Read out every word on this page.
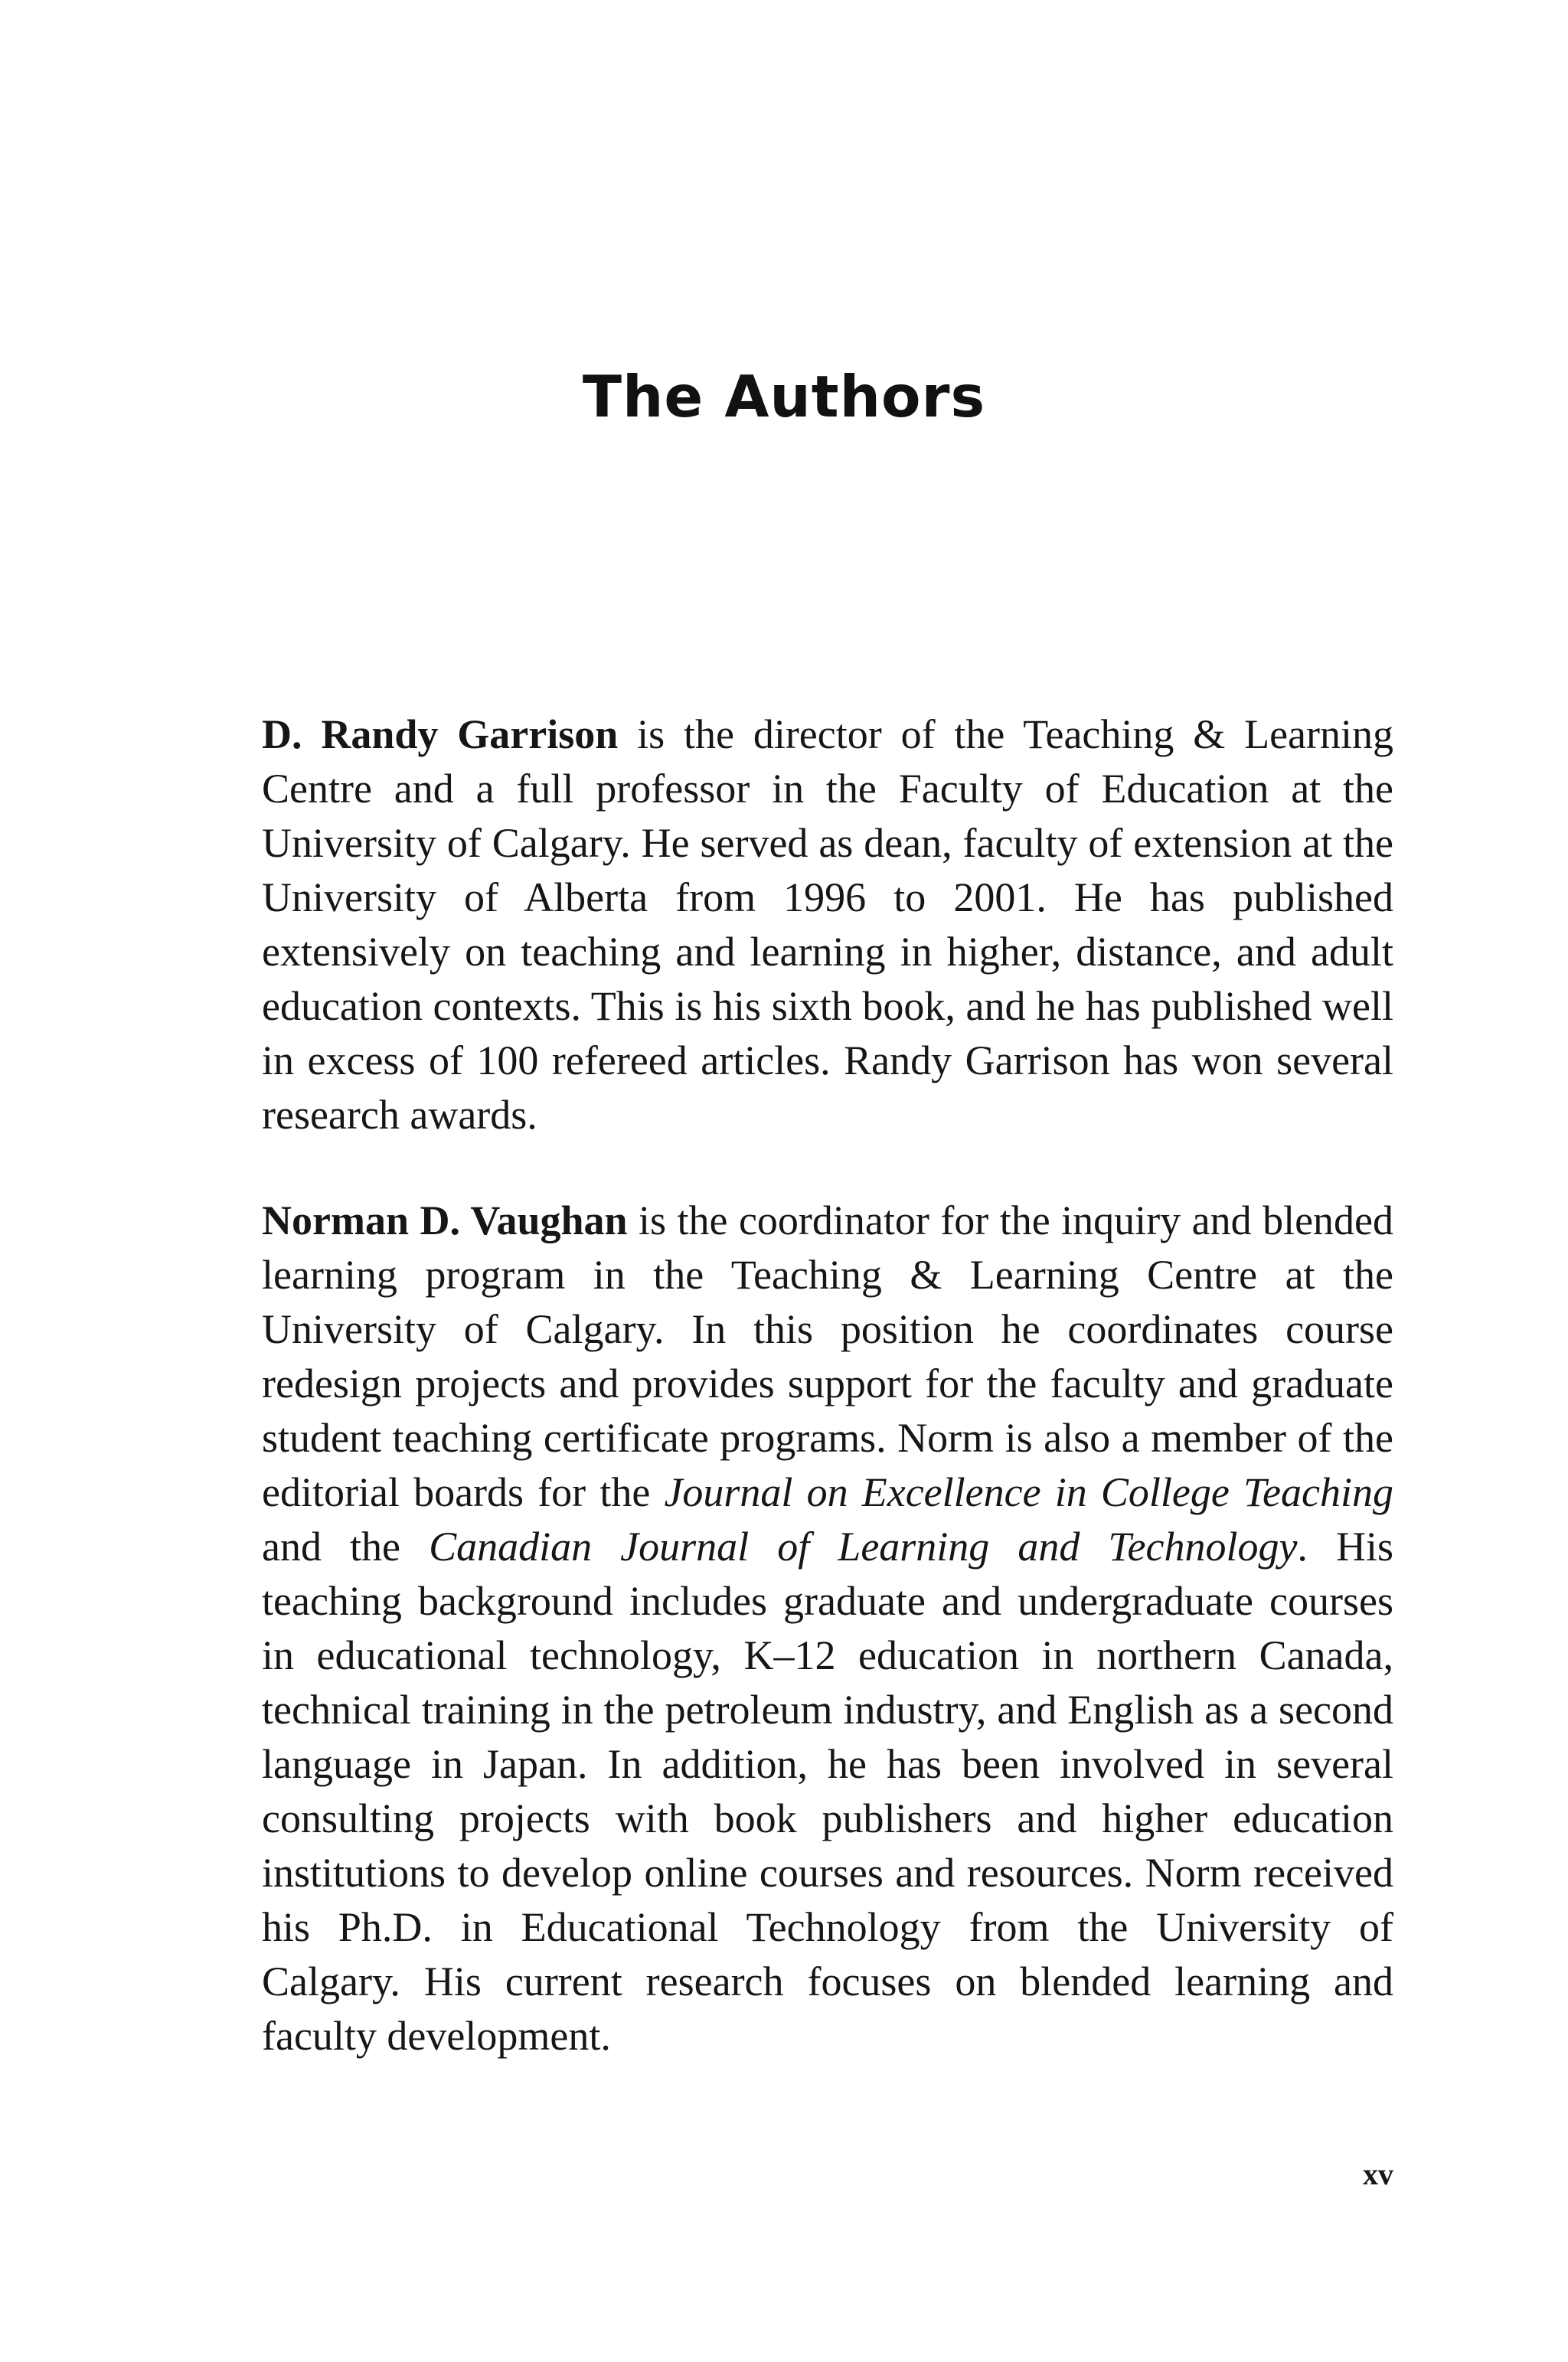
The Authors

D. Randy Garrison is the director of the Teaching & Learning Centre and a full professor in the Faculty of Education at the University of Calgary. He served as dean, faculty of extension at the University of Alberta from 1996 to 2001. He has published extensively on teaching and learning in higher, distance, and adult education contexts. This is his sixth book, and he has published well in excess of 100 refereed articles. Randy Garrison has won several research awards.

Norman D. Vaughan is the coordinator for the inquiry and blended learning program in the Teaching & Learning Centre at the University of Calgary. In this position he coordinates course redesign projects and provides support for the faculty and graduate student teaching certificate programs. Norm is also a member of the editorial boards for the Journal on Excellence in College Teaching and the Canadian Journal of Learning and Technology. His teaching background includes graduate and undergraduate courses in educational technology, K–12 education in northern Canada, technical training in the petroleum industry, and English as a second language in Japan. In addition, he has been involved in several consulting projects with book publishers and higher education institutions to develop online courses and resources. Norm received his Ph.D. in Educational Technology from the University of Calgary. His current research focuses on blended learning and faculty development.

xv
